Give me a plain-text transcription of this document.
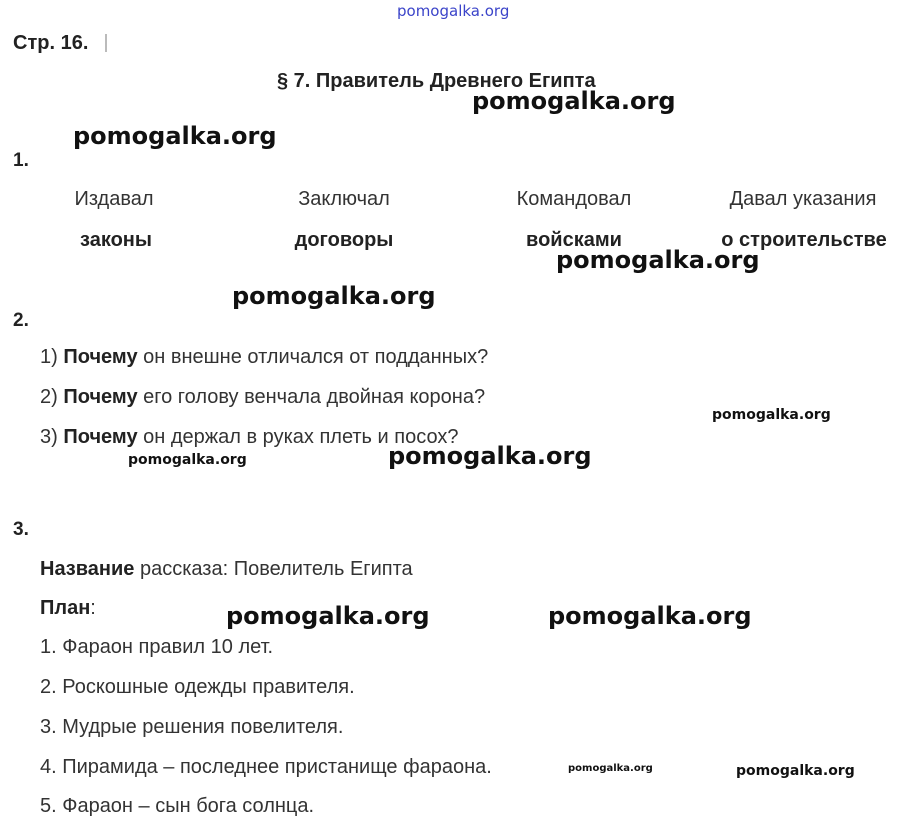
pomogalka.org
Стр. 16.
§ 7. Правитель Древнего Египта
1.
Издавал	Заключал	Командовал	Давал указания
законы	договоры	войсками	о строительстве
2.
1) Почему он внешне отличался от подданных?
2) Почему его голову венчала двойная корона?
3) Почему он держал в руках плеть и посох?
3.
Название рассказа: Повелитель Египта
План:
1. Фараон правил 10 лет.
2. Роскошные одежды правителя.
3. Мудрые решения повелителя.
4. Пирамида – последнее пристанище фараона.
5. Фараон – сын бога солнца.
pomogalka.org
pomogalka.org
pomogalka.org
pomogalka.org
pomogalka.org
pomogalka.org
pomogalka.org
pomogalka.org	pomogalka.org
pomogalka.org	pomogalka.org
